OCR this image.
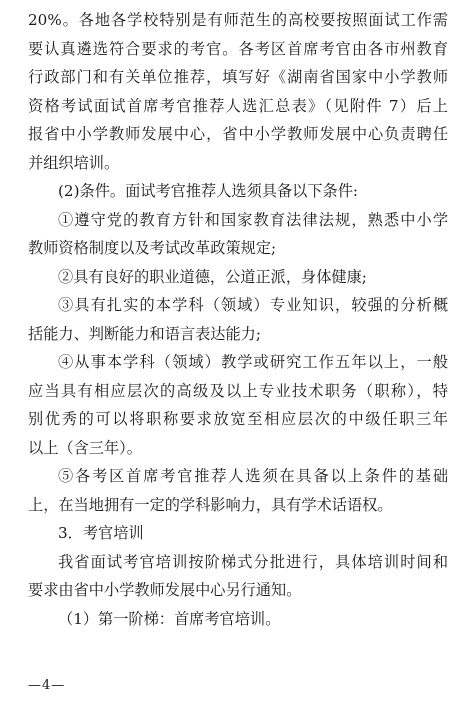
20%。各地各学校特别是有师范生的高校要按照面试工作需
要认真遴选符合要求的考官。各考区首席考官由各市州教育
行政部门和有关单位推荐，填写好《湖南省国家中小学教师
资格考试面试首席考官推荐人选汇总表》（见附件 7）后上
报省中小学教师发展中心，省中小学教师发展中心负责聘任
并组织培训。
(2)条件。面试考官推荐人选须具备以下条件:
①遵守党的教育方针和国家教育法律法规，熟悉中小学
教师资格制度以及考试改革政策规定;
②具有良好的职业道德，公道正派，身体健康;
③具有扎实的本学科（领域）专业知识，较强的分析概
括能力、判断能力和语言表达能力;
④从事本学科（领域）教学或研究工作五年以上，一般
应当具有相应层次的高级及以上专业技术职务（职称），特
别优秀的可以将职称要求放宽至相应层次的中级任职三年
以上（含三年）。
⑤各考区首席考官推荐人选须在具备以上条件的基础
上，在当地拥有一定的学科影响力，具有学术话语权。
3．考官培训
我省面试考官培训按阶梯式分批进行，具体培训时间和
要求由省中小学教师发展中心另行通知。
（1）第一阶梯：首席考官培训。
—4—
